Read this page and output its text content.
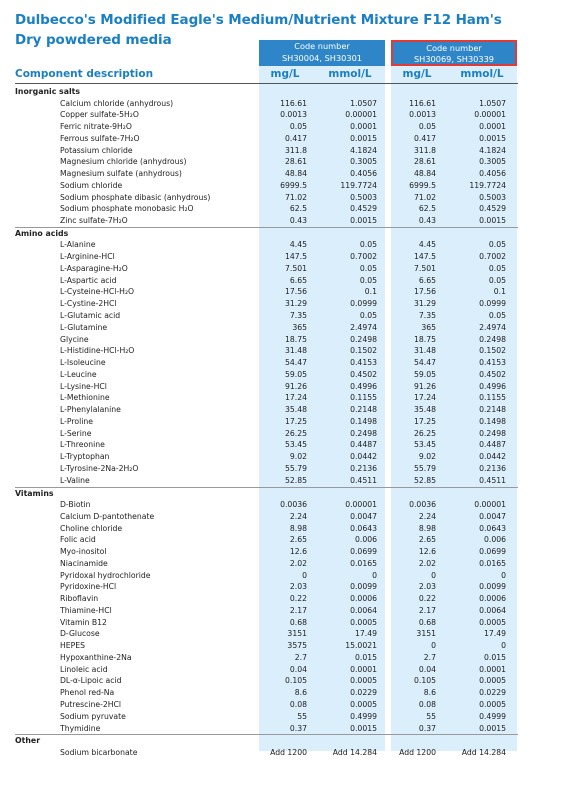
Dulbecco's Modified Eagle's Medium/Nutrient Mixture F12 Ham's
Dry powdered media	Code number
SH30004, SH30301
Code number
SH30069, SH30339
Component description	mg/L	mmol/L	mg/L	mmol/L
Inorganic salts
Calcium chloride (anhydrous)	116.61	1.0507	116.61	1.0507
Copper sulfate-5H₂O	0.0013	0.00001	0.0013	0.00001
Ferric nitrate-9H₂O	0.05	0.0001	0.05	0.0001
Ferrous sulfate-7H₂O	0.417	0.0015	0.417	0.0015
Potassium chloride	311.8	4.1824	311.8	4.1824
Magnesium chloride (anhydrous)	28.61	0.3005	28.61	0.3005
Magnesium sulfate (anhydrous)	48.84	0.4056	48.84	0.4056
Sodium chloride	6999.5	119.7724	6999.5	119.7724
Sodium phosphate dibasic (anhydrous)	71.02	0.5003	71.02	0.5003
Sodium phosphate monobasic H₂O	62.5	0.4529	62.5	0.4529
Zinc sulfate-7H₂O	0.43	0.0015	0.43	0.0015
Amino acids
L-Alanine	4.45	0.05	4.45	0.05
L-Arginine-HCl	147.5	0.7002	147.5	0.7002
L-Asparagine-H₂O	7.501	0.05	7.501	0.05
L-Aspartic acid	6.65	0.05	6.65	0.05
L-Cysteine-HCl-H₂O	17.56	0.1	17.56	0.1
L-Cystine-2HCl	31.29	0.0999	31.29	0.0999
L-Glutamic acid	7.35	0.05	7.35	0.05
L-Glutamine	365	2.4974	365	2.4974
Glycine	18.75	0.2498	18.75	0.2498
L-Histidine-HCl-H₂O	31.48	0.1502	31.48	0.1502
L-Isoleucine	54.47	0.4153	54.47	0.4153
L-Leucine	59.05	0.4502	59.05	0.4502
L-Lysine-HCl	91.26	0.4996	91.26	0.4996
L-Methionine	17.24	0.1155	17.24	0.1155
L-Phenylalanine	35.48	0.2148	35.48	0.2148
L-Proline	17.25	0.1498	17.25	0.1498
L-Serine	26.25	0.2498	26.25	0.2498
L-Threonine	53.45	0.4487	53.45	0.4487
L-Tryptophan	9.02	0.0442	9.02	0.0442
L-Tyrosine-2Na-2H₂O	55.79	0.2136	55.79	0.2136
L-Valine	52.85	0.4511	52.85	0.4511
Vitamins
D-Biotin	0.0036	0.00001	0.0036	0.00001
Calcium D-pantothenate	2.24	0.0047	2.24	0.0047
Choline chloride	8.98	0.0643	8.98	0.0643
Folic acid	2.65	0.006	2.65	0.006
Myo-inositol	12.6	0.0699	12.6	0.0699
Niacinamide	2.02	0.0165	2.02	0.0165
Pyridoxal hydrochloride	0	0	0	0
Pyridoxine-HCl	2.03	0.0099	2.03	0.0099
Riboflavin	0.22	0.0006	0.22	0.0006
Thiamine-HCl	2.17	0.0064	2.17	0.0064
Vitamin B12	0.68	0.0005	0.68	0.0005
D-Glucose	3151	17.49	3151	17.49
HEPES	3575	15.0021	0	0
Hypoxanthine-2Na	2.7	0.015	2.7	0.015
Linoleic acid	0.04	0.0001	0.04	0.0001
DL-α-Lipoic acid	0.105	0.0005	0.105	0.0005
Phenol red-Na	8.6	0.0229	8.6	0.0229
Putrescine-2HCl	0.08	0.0005	0.08	0.0005
Sodium pyruvate	55	0.4999	55	0.4999
Thymidine	0.37	0.0015	0.37	0.0015
Other
Sodium bicarbonate	Add 1200	Add 14.284	Add 1200	Add 14.284
